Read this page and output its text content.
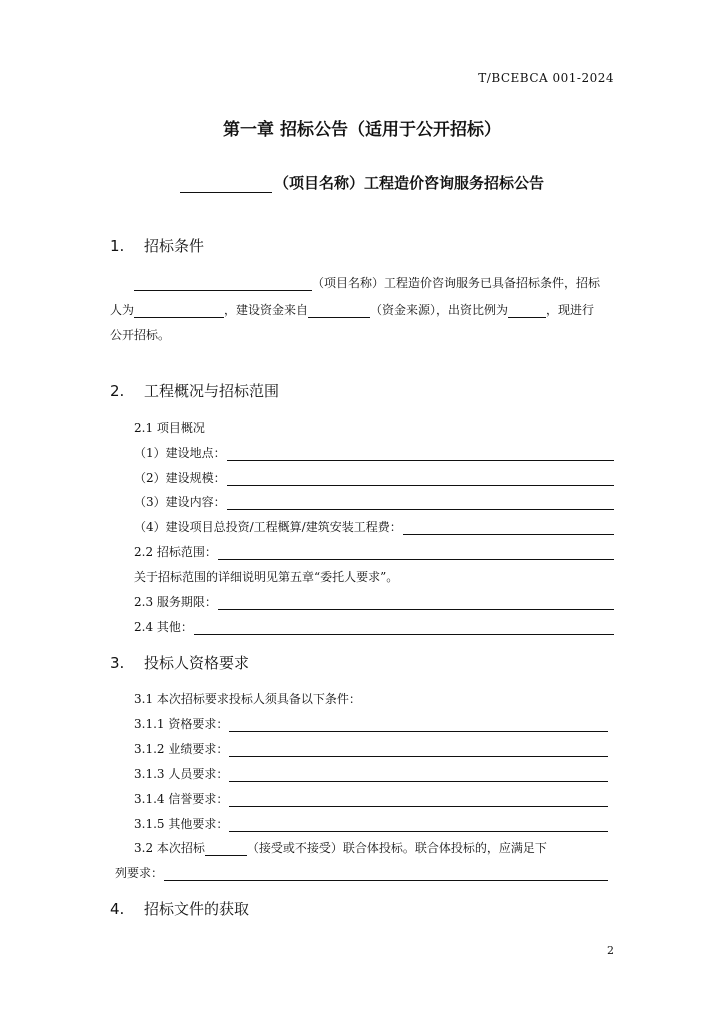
T/BCEBCA 001-2024
第一章 招标公告（适用于公开招标）
（项目名称）工程造价咨询服务招标公告
1. 招标条件
（项目名称）工程造价咨询服务已具备招标条件，招标
人为	，建设资金来自	（资金来源），出资比例为	，现进行
公开招标。
2. 工程概况与招标范围
2.1 项目概况
（1）建设地点：
（2）建设规模：
（3）建设内容：
（4）建设项目总投资/工程概算/建筑安装工程费：
2.2 招标范围：
关于招标范围的详细说明见第五章“委托人要求”。
2.3 服务期限：
2.4 其他：
3. 投标人资格要求
3.1 本次招标要求投标人须具备以下条件：
3.1.1 资格要求：
3.1.2 业绩要求：
3.1.3 人员要求：
3.1.4 信誉要求：
3.1.5 其他要求：
3.2 本次招标	（接受或不接受）联合体投标。联合体投标的，应满足下
列要求：
4. 招标文件的获取
2
